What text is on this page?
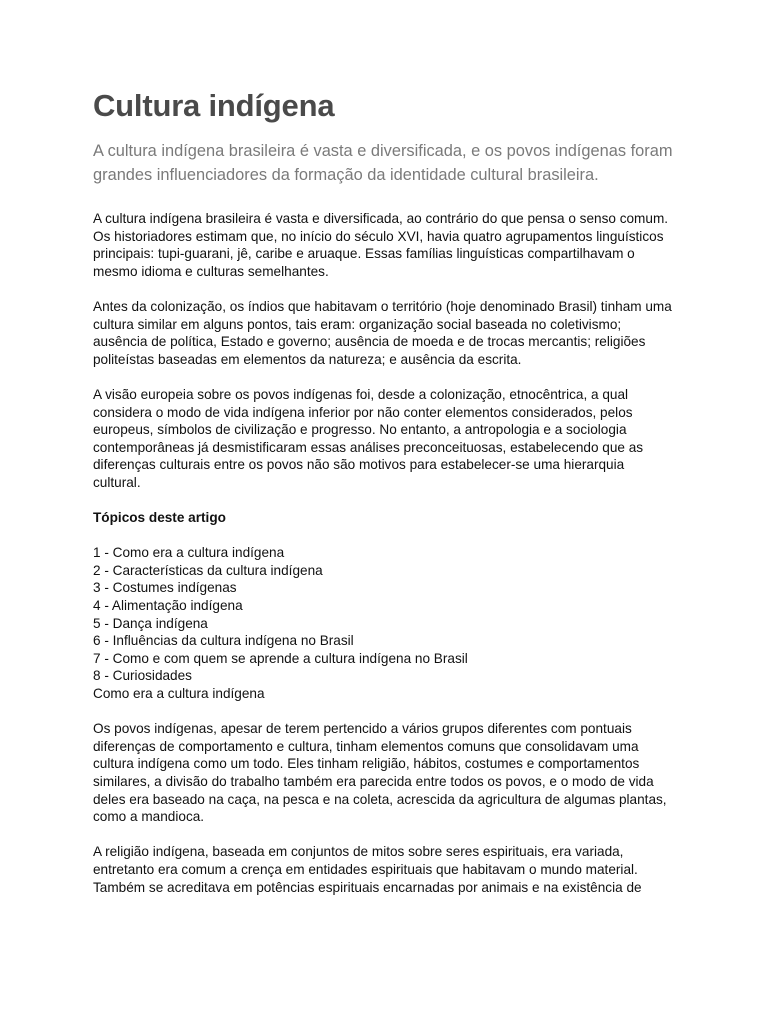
Cultura indígena

A cultura indígena brasileira é vasta e diversificada, e os povos indígenas foram grandes influenciadores da formação da identidade cultural brasileira.

A cultura indígena brasileira é vasta e diversificada, ao contrário do que pensa o senso comum. Os historiadores estimam que, no início do século XVI, havia quatro agrupamentos linguísticos principais: tupi-guarani, jê, caribe e aruaque. Essas famílias linguísticas compartilhavam o mesmo idioma e culturas semelhantes.

Antes da colonização, os índios que habitavam o território (hoje denominado Brasil) tinham uma cultura similar em alguns pontos, tais eram: organização social baseada no coletivismo; ausência de política, Estado e governo; ausência de moeda e de trocas mercantis; religiões politeístas baseadas em elementos da natureza; e ausência da escrita.

A visão europeia sobre os povos indígenas foi, desde a colonização, etnocêntrica, a qual considera o modo de vida indígena inferior por não conter elementos considerados, pelos europeus, símbolos de civilização e progresso. No entanto, a antropologia e a sociologia contemporâneas já desmistificaram essas análises preconceituosas, estabelecendo que as diferenças culturais entre os povos não são motivos para estabelecer-se uma hierarquia cultural.

Tópicos deste artigo

1 - Como era a cultura indígena
2 - Características da cultura indígena
3 - Costumes indígenas
4 - Alimentação indígena
5 - Dança indígena
6 - Influências da cultura indígena no Brasil
7 - Como e com quem se aprende a cultura indígena no Brasil
8 - Curiosidades

Como era a cultura indígena

Os povos indígenas, apesar de terem pertencido a vários grupos diferentes com pontuais diferenças de comportamento e cultura, tinham elementos comuns que consolidavam uma cultura indígena como um todo. Eles tinham religião, hábitos, costumes e comportamentos similares, a divisão do trabalho também era parecida entre todos os povos, e o modo de vida deles era baseado na caça, na pesca e na coleta, acrescida da agricultura de algumas plantas, como a mandioca.

A religião indígena, baseada em conjuntos de mitos sobre seres espirituais, era variada, entretanto era comum a crença em entidades espirituais que habitavam o mundo material. Também se acreditava em potências espirituais encarnadas por animais e na existência de
